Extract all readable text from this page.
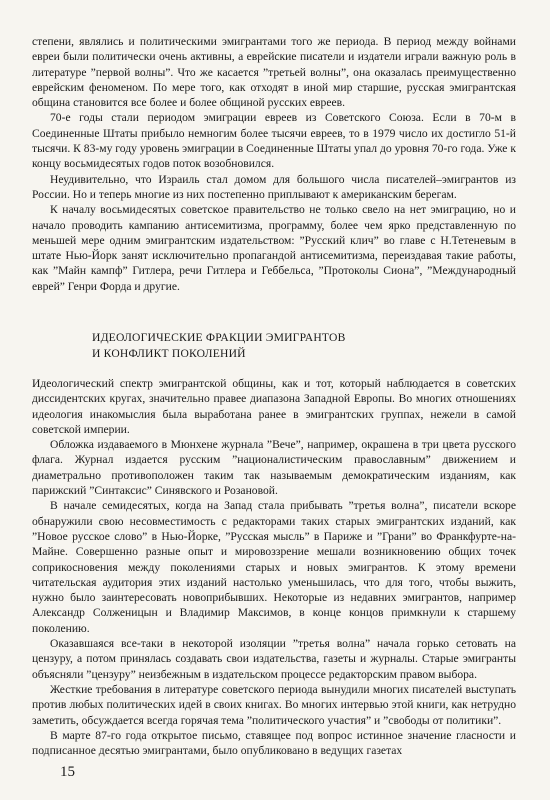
степени, являлись и политическими эмигрантами того же периода. В период между войнами евреи были политически очень активны, а еврейские писатели и издатели играли важную роль в литературе ”первой волны”. Что же касается ”третьей волны”, она оказалась преимущественно еврейским феноменом. По мере того, как отходят в иной мир старшие, русская эмигрантская община становится все более и более общиной русских евреев.

70-е годы стали периодом эмиграции евреев из Советского Союза. Если в 70-м в Соединенные Штаты прибыло немногим более тысячи евреев, то в 1979 число их достигло 51-й тысячи. К 83-му году уровень эмиграции в Соединенные Штаты упал до уровня 70-го года. Уже к концу восьмидесятых годов поток возобновился.

Неудивительно, что Израиль стал домом для большого числа писателей–эмигрантов из России. Но и теперь многие из них постепенно приплывают к американским берегам.

К началу восьмидесятых советское правительство не только свело на нет эмиграцию, но и начало проводить кампанию антисемитизма, программу, более чем ярко представленную по меньшей мере одним эмигрантским издательством: ”Русский клич” во главе с Н.Тетеневым в штате Нью-Йорк занят исключительно пропагандой антисемитизма, переиздавая такие работы, как ”Майн кампф” Гитлера, речи Гитлера и Геббельса, ”Протоколы Сиона”, ”Международный еврей” Генри Форда и другие.

ИДЕОЛОГИЧЕСКИЕ ФРАКЦИИ ЭМИГРАНТОВ
И КОНФЛИКТ ПОКОЛЕНИЙ

Идеологический спектр эмигрантской общины, как и тот, который наблюдается в советских диссидентских кругах, значительно правее диапазона Западной Европы. Во многих отношениях идеология инакомыслия была выработана ранее в эмигрантских группах, нежели в самой советской империи.

Обложка издаваемого в Мюнхене журнала ”Вече”, например, окрашена в три цвета русского флага. Журнал издается русским ”националистическим православным” движением и диаметрально противоположен таким так называемым демократическим изданиям, как парижский ”Синтаксис” Синявского и Розановой.

В начале семидесятых, когда на Запад стала прибывать ”третья волна”, писатели вскоре обнаружили свою несовместимость с редакторами таких старых эмигрантских изданий, как ”Новое русское слово” в Нью-Йорке, ”Русская мысль” в Париже и ”Грани” во Франкфурте-на-Майне. Совершенно разные опыт и мировоззрение мешали возникновению общих точек соприкосновения между поколениями старых и новых эмигрантов. К этому времени читательская аудитория этих изданий настолько уменьшилась, что для того, чтобы выжить, нужно было заинтересовать новоприбывших. Некоторые из недавних эмигрантов, например Александр Солженицын и Владимир Максимов, в конце концов примкнули к старшему поколению.

Оказавшаяся все-таки в некоторой изоляции ”третья волна” начала горько сетовать на цензуру, а потом принялась создавать свои издательства, газеты и журналы. Старые эмигранты объясняли ”цензуру” неизбежным в издательском процессе редакторским правом выбора.

Жесткие требования в литературе советского периода вынудили многих писателей выступать против любых политических идей в своих книгах. Во многих интервью этой книги, как нетрудно заметить, обсуждается всегда горячая тема ”политического участия” и ”свободы от политики”.

В марте 87-го года открытое письмо, ставящее под вопрос истинное значение гласности и подписанное десятью эмигрантами, было опубликовано в ведущих газетах

15
